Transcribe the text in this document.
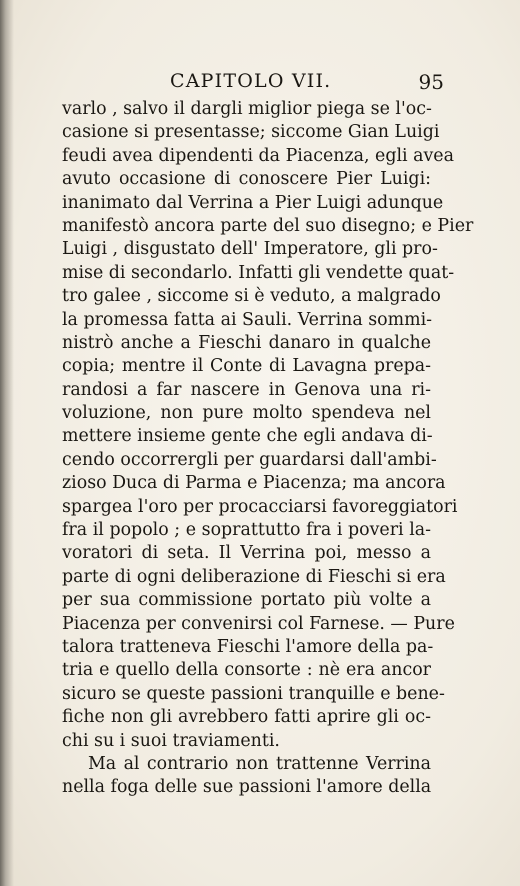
CAPITOLO VII.	95
varlo , salvo il dargli miglior piega se l'oc-
casione si presentasse; siccome Gian Luigi
feudi avea dipendenti da Piacenza, egli avea
avuto occasione di conoscere Pier Luigi:
inanimato dal Verrina a Pier Luigi adunque
manifestò ancora parte del suo disegno; e Pier
Luigi , disgustato dell' Imperatore, gli pro-
mise di secondarlo. Infatti gli vendette quat-
tro galee , siccome si è veduto, a malgrado
la promessa fatta ai Sauli. Verrina sommi-
nistrò anche a Fieschi danaro in qualche
copia; mentre il Conte di Lavagna prepa-
randosi a far nascere in Genova una ri-
voluzione, non pure molto spendeva nel
mettere insieme gente che egli andava di-
cendo occorrergli per guardarsi dall'ambi-
zioso Duca di Parma e Piacenza; ma ancora
spargea l'oro per procacciarsi favoreggiatori
fra il popolo ; e soprattutto fra i poveri la-
voratori di seta. Il Verrina poi, messo a
parte di ogni deliberazione di Fieschi si era
per sua commissione portato più volte a
Piacenza per convenirsi col Farnese. — Pure
talora tratteneva Fieschi l'amore della pa-
tria e quello della consorte : nè era ancor
sicuro se queste passioni tranquille e bene-
fiche non gli avrebbero fatti aprire gli oc-
chi su i suoi traviamenti.
Ma al contrario non trattenne Verrina
nella foga delle sue passioni l'amore della
